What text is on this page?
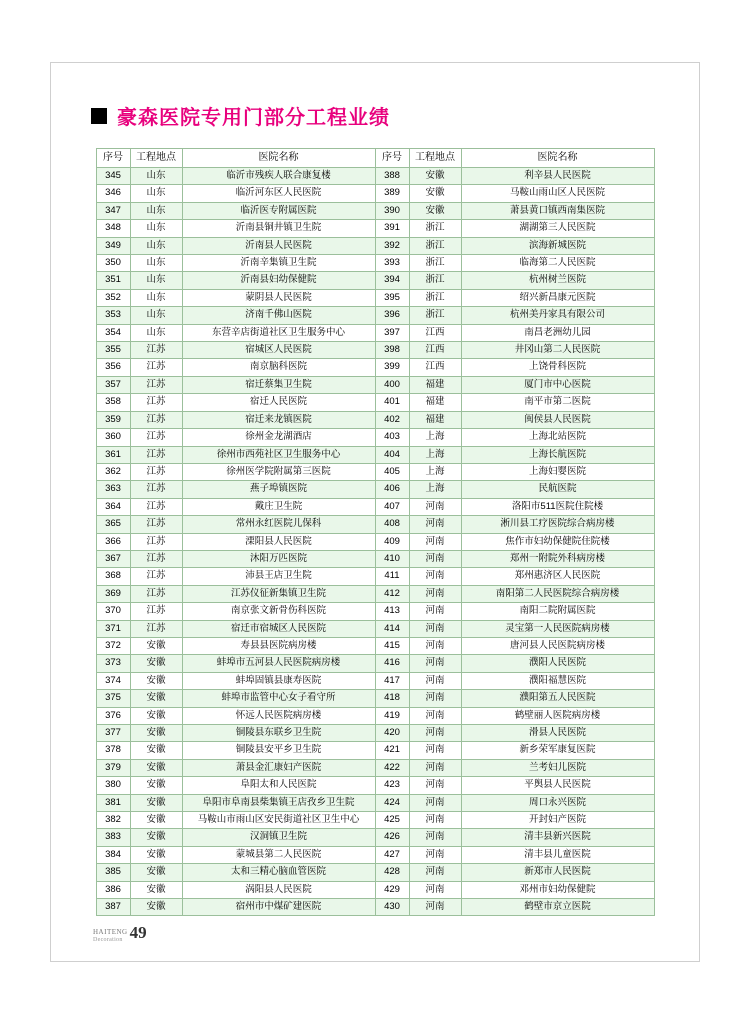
豪森医院专用门部分工程业绩
序号	工程地点	医院名称	序号	工程地点	医院名称
345	山东	临沂市残疾人联合康复楼	388	安徽	利辛县人民医院
346	山东	临沂河东区人民医院	389	安徽	马鞍山雨山区人民医院
347	山东	临沂医专附属医院	390	安徽	萧县黄口镇西南集医院
348	山东	沂南县铜井镇卫生院	391	浙江	湖湖第三人民医院
349	山东	沂南县人民医院	392	浙江	滨海新城医院
350	山东	沂南辛集镇卫生院	393	浙江	临海第二人民医院
351	山东	沂南县妇幼保健院	394	浙江	杭州树兰医院
352	山东	蒙阴县人民医院	395	浙江	绍兴新昌康元医院
353	山东	济南千佛山医院	396	浙江	杭州美丹家具有限公司
354	山东	东营辛店街道社区卫生服务中心	397	江西	南昌老洲幼儿园
355	江苏	宿城区人民医院	398	江西	井冈山第二人民医院
356	江苏	南京脑科医院	399	江西	上饶骨科医院
357	江苏	宿迁蔡集卫生院	400	福建	厦门市中心医院
358	江苏	宿迁人民医院	401	福建	南平市第二医院
359	江苏	宿迁来龙镇医院	402	福建	闽侯县人民医院
360	江苏	徐州金龙湖酒店	403	上海	上海北站医院
361	江苏	徐州市西苑社区卫生服务中心	404	上海	上海长航医院
362	江苏	徐州医学院附属第三医院	405	上海	上海妇婴医院
363	江苏	燕子埠镇医院	406	上海	民航医院
364	江苏	戴庄卫生院	407	河南	洛阳市511医院住院楼
365	江苏	常州永红医院儿保科	408	河南	淅川县工疗医院综合病房楼
366	江苏	溧阳县人民医院	409	河南	焦作市妇幼保健院住院楼
367	江苏	沐阳万匹医院	410	河南	郑州一附院外科病房楼
368	江苏	沛县王店卫生院	411	河南	郑州惠济区人民医院
369	江苏	江苏仪征新集镇卫生院	412	河南	南阳第二人民医院综合病房楼
370	江苏	南京张文新骨伤科医院	413	河南	南阳二院附属医院
371	江苏	宿迁市宿城区人民医院	414	河南	灵宝第一人民医院病房楼
372	安徽	寿县县医院病房楼	415	河南	唐河县人民医院病房楼
373	安徽	蚌埠市五河县人民医院病房楼	416	河南	濮阳人民医院
374	安徽	蚌埠固镇县康寿医院	417	河南	濮阳福慧医院
375	安徽	蚌埠市监管中心女子看守所	418	河南	濮阳第五人民医院
376	安徽	怀远人民医院病房楼	419	河南	鹤壁丽人医院病房楼
377	安徽	铜陵县东联乡卫生院	420	河南	滑县人民医院
378	安徽	铜陵县安平乡卫生院	421	河南	新乡荣军康复医院
379	安徽	萧县金汇康妇产医院	422	河南	兰考妇儿医院
380	安徽	阜阳太和人民医院	423	河南	平舆县人民医院
381	安徽	阜阳市阜南县柴集镇王店孜乡卫生院	424	河南	周口永兴医院
382	安徽	马鞍山市雨山区安民街道社区卫生中心	425	河南	开封妇产医院
383	安徽	汉洞镇卫生院	426	河南	清丰县新兴医院
384	安徽	蒙城县第二人民医院	427	河南	清丰县儿童医院
385	安徽	太和三精心脑血管医院	428	河南	新郑市人民医院
386	安徽	涡阳县人民医院	429	河南	邓州市妇幼保健院
387	安徽	宿州市中煤矿建医院	430	河南	鹤壁市京立医院
HAITENG
Decoration 49
